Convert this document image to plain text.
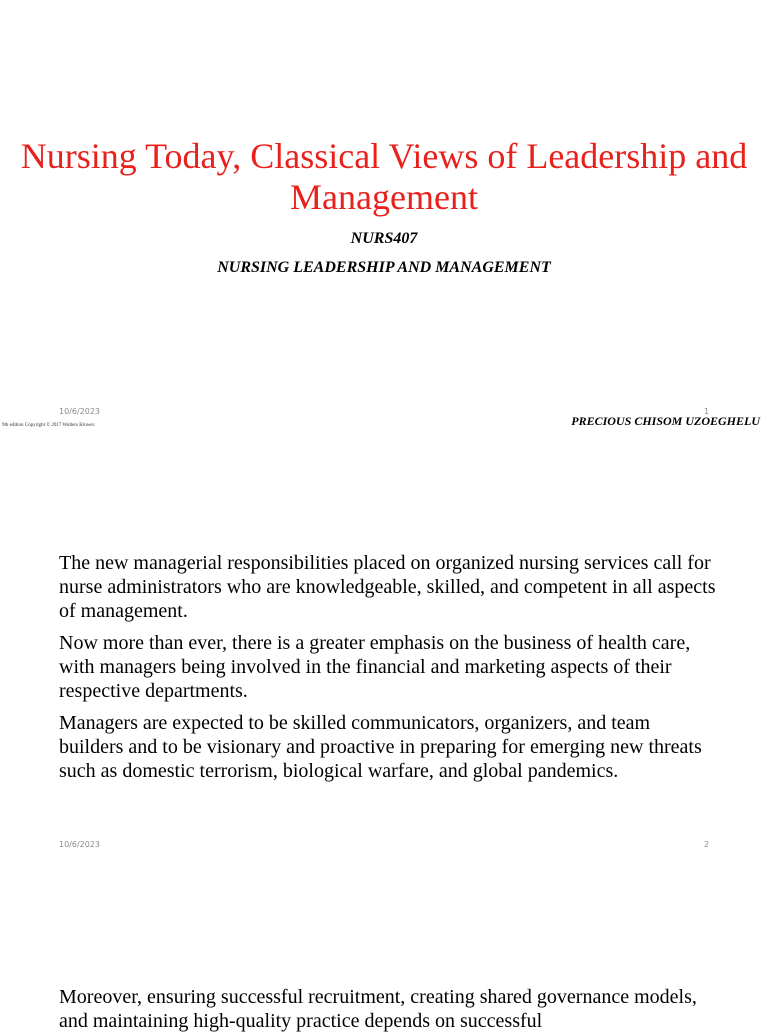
Nursing Today, Classical Views of Leadership and Management
NURS407
NURSING LEADERSHIP AND MANAGEMENT
10/6/2023	1
9th edition Copyright © 2017 Wolters Kluwer.	PRECIOUS CHISOM UZOEGHELU
The new managerial responsibilities placed on organized nursing services call for nurse administrators who are knowledgeable, skilled, and competent in all aspects of management.
Now more than ever, there is a greater emphasis on the business of health care, with managers being involved in the financial and marketing aspects of their respective departments.
Managers are expected to be skilled communicators, organizers, and team builders and to be visionary and proactive in preparing for emerging new threats such as domestic terrorism, biological warfare, and global pandemics.
10/6/2023	2
Moreover, ensuring successful recruitment, creating shared governance models, and maintaining high-quality practice depends on successful
